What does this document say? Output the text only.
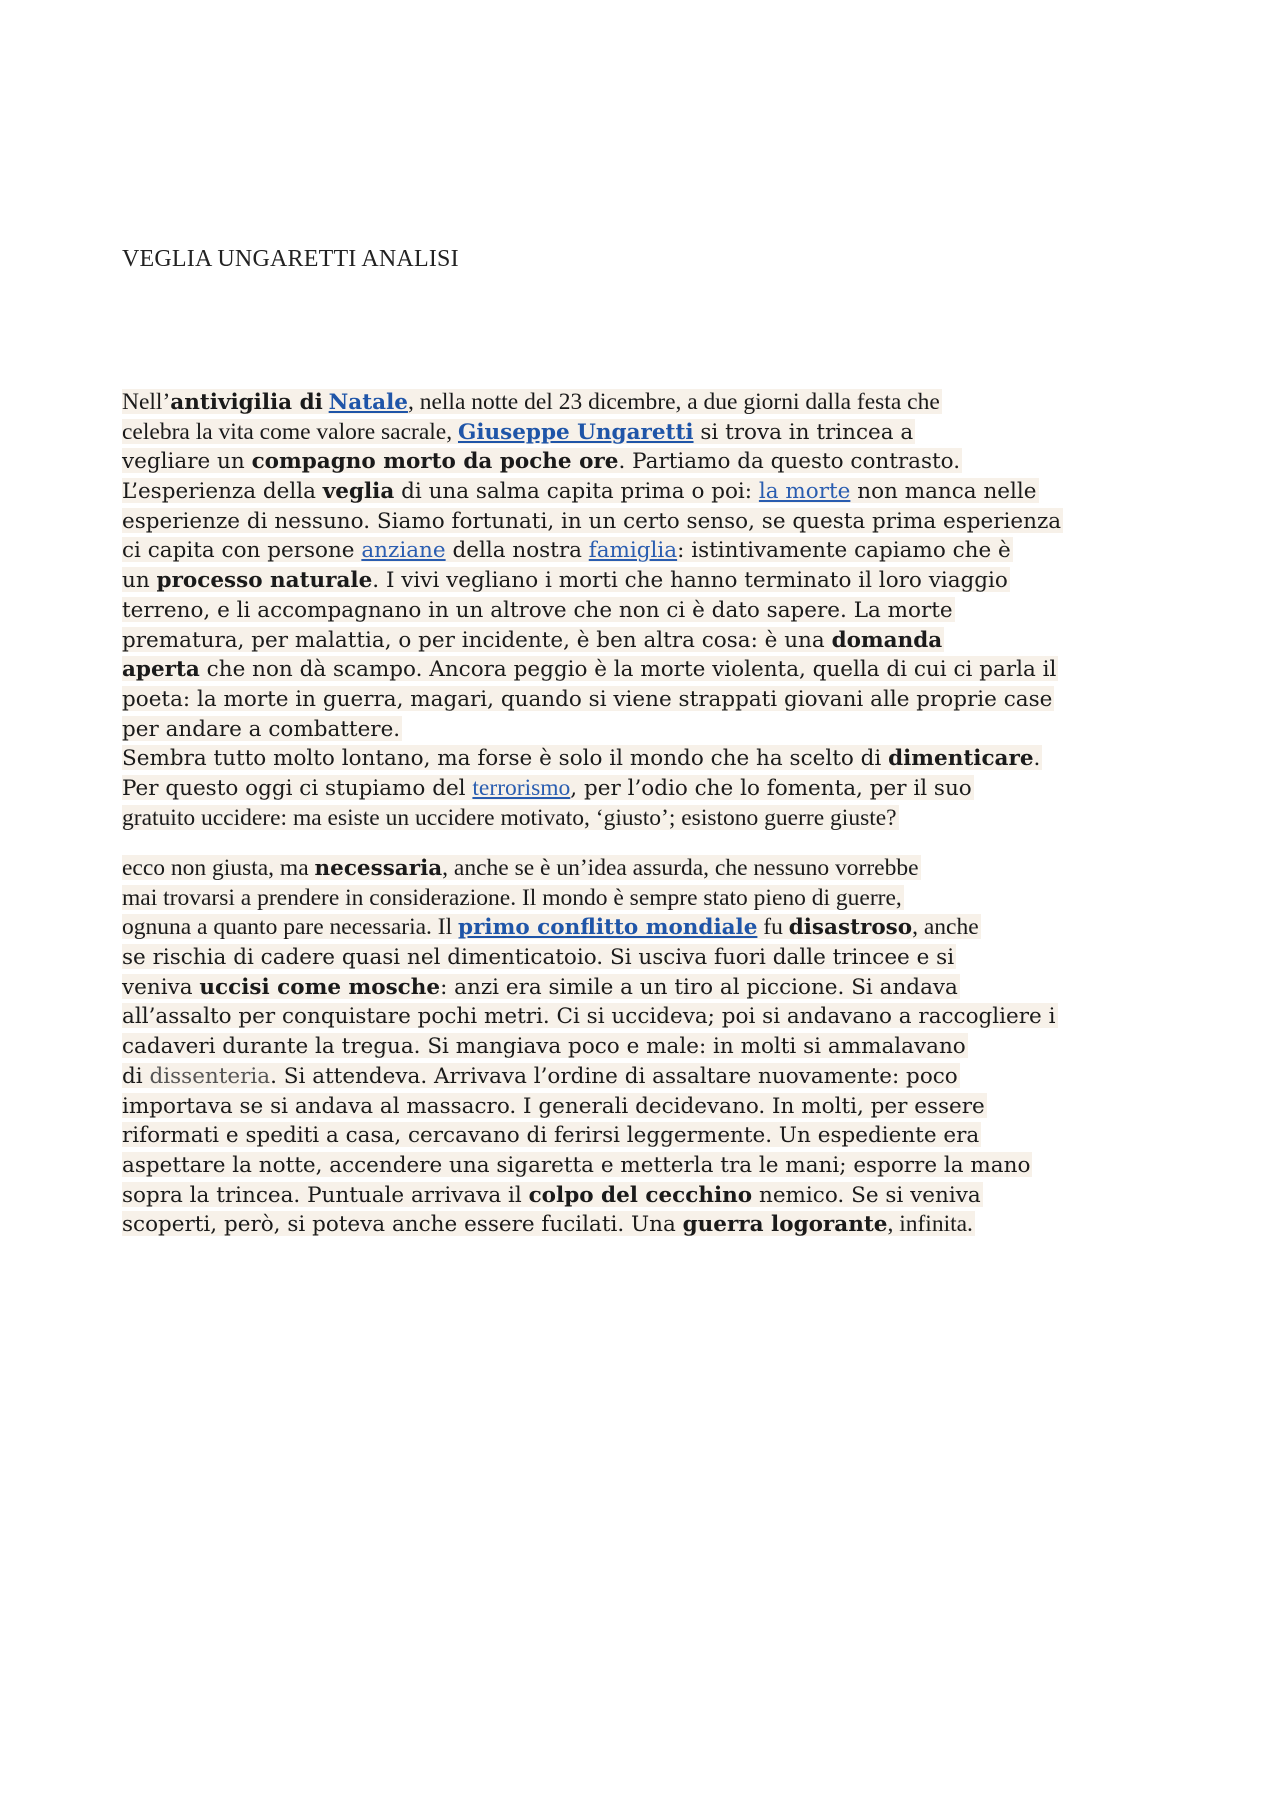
VEGLIA UNGARETTI ANALISI
Nell’antivigilia di Natale, nella notte del 23 dicembre, a due giorni dalla festa che
celebra la vita come valore sacrale, Giuseppe Ungaretti si trova in trincea a
vegliare un compagno morto da poche ore. Partiamo da questo contrasto.
L’esperienza della veglia di una salma capita prima o poi: la morte non manca nelle
esperienze di nessuno. Siamo fortunati, in un certo senso, se questa prima esperienza
ci capita con persone anziane della nostra famiglia: istintivamente capiamo che è
un processo naturale. I vivi vegliano i morti che hanno terminato il loro viaggio
terreno, e li accompagnano in un altrove che non ci è dato sapere. La morte
prematura, per malattia, o per incidente, è ben altra cosa: è una domanda
aperta che non dà scampo. Ancora peggio è la morte violenta, quella di cui ci parla il
poeta: la morte in guerra, magari, quando si viene strappati giovani alle proprie case
per andare a combattere.
Sembra tutto molto lontano, ma forse è solo il mondo che ha scelto di dimenticare.
Per questo oggi ci stupiamo del terrorismo, per l’odio che lo fomenta, per il suo
gratuito uccidere: ma esiste un uccidere motivato, ‘giusto’; esistono guerre giuste?
ecco non giusta, ma necessaria, anche se è un’idea assurda, che nessuno vorrebbe
mai trovarsi a prendere in considerazione. Il mondo è sempre stato pieno di guerre,
ognuna a quanto pare necessaria. Il primo conflitto mondiale fu disastroso, anche
se rischia di cadere quasi nel dimenticatoio. Si usciva fuori dalle trincee e si
veniva uccisi come mosche: anzi era simile a un tiro al piccione. Si andava
all’assalto per conquistare pochi metri. Ci si uccideva; poi si andavano a raccogliere i
cadaveri durante la tregua. Si mangiava poco e male: in molti si ammalavano
di dissenteria. Si attendeva. Arrivava l’ordine di assaltare nuovamente: poco
importava se si andava al massacro. I generali decidevano. In molti, per essere
riformati e spediti a casa, cercavano di ferirsi leggermente. Un espediente era
aspettare la notte, accendere una sigaretta e metterla tra le mani; esporre la mano
sopra la trincea. Puntuale arrivava il colpo del cecchino nemico. Se si veniva
scoperti, però, si poteva anche essere fucilati. Una guerra logorante, infinita.
